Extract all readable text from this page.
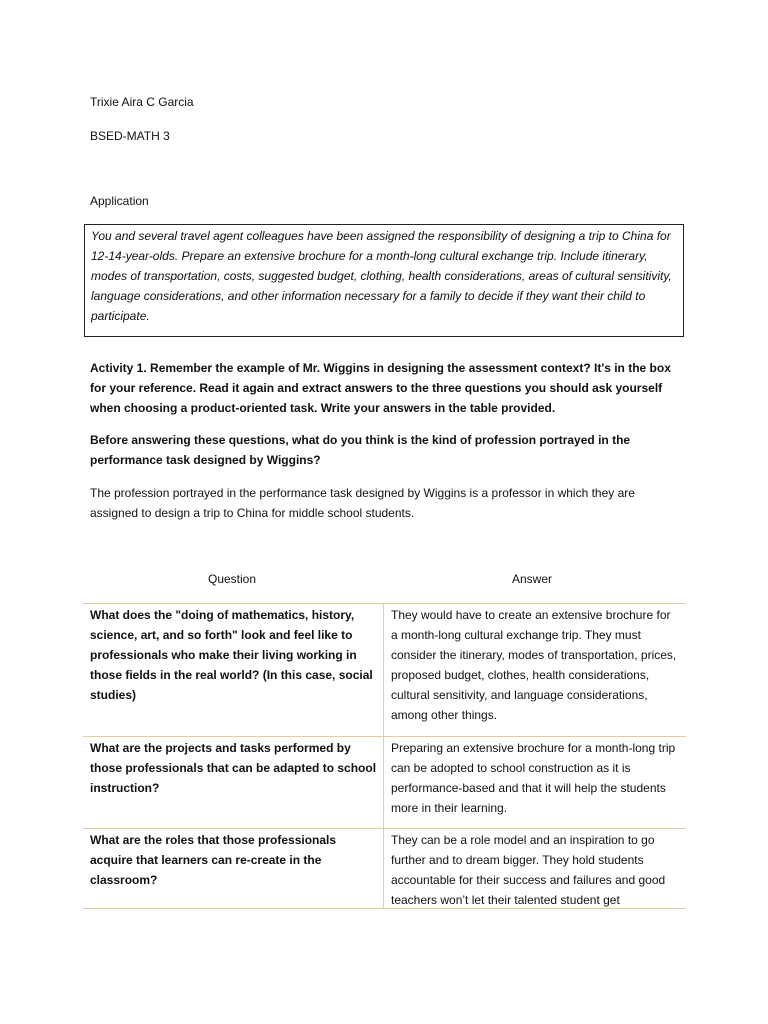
Trixie Aira C Garcia

BSED-MATH 3

Application

You and several travel agent colleagues have been assigned the responsibility of designing a trip to China for 12-14-year-olds. Prepare an extensive brochure for a month-long cultural exchange trip. Include itinerary, modes of transportation, costs, suggested budget, clothing, health considerations, areas of cultural sensitivity, language considerations, and other information necessary for a family to decide if they want their child to participate.

Activity 1. Remember the example of Mr. Wiggins in designing the assessment context? It's in the box for your reference. Read it again and extract answers to the three questions you should ask yourself when choosing a product-oriented task. Write your answers in the table provided.

Before answering these questions, what do you think is the kind of profession portrayed in the performance task designed by Wiggins?

The profession portrayed in the performance task designed by Wiggins is a professor in which they are assigned to design a trip to China for middle school students.

Question	Answer

What does the "doing of mathematics, history, science, art, and so forth" look and feel like to professionals who make their living working in those fields in the real world? (In this case, social studies)
They would have to create an extensive brochure for a month-long cultural exchange trip. They must consider the itinerary, modes of transportation, prices, proposed budget, clothes, health considerations, cultural sensitivity, and language considerations, among other things.
What are the projects and tasks performed by those professionals that can be adapted to school instruction?
Preparing an extensive brochure for a month-long trip can be adopted to school construction as it is performance-based and that it will help the students more in their learning.
What are the roles that those professionals acquire that learners can re-create in the classroom?
They can be a role model and an inspiration to go further and to dream bigger. They hold students accountable for their success and failures and good teachers won’t let their talented student get
